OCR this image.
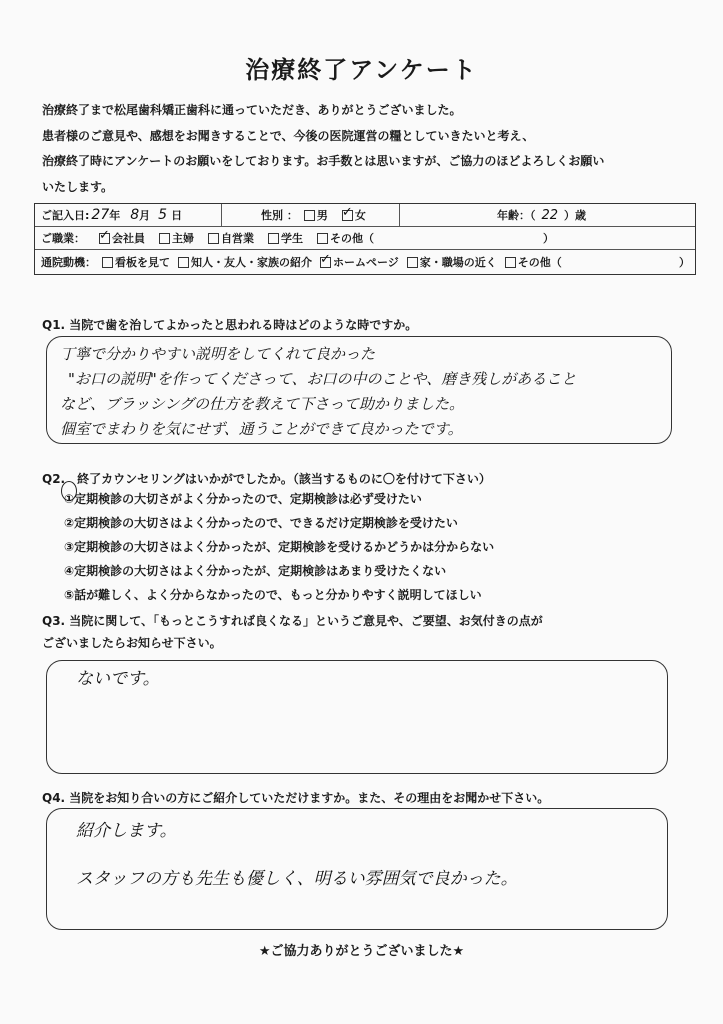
治療終了アンケート
治療終了まで松尾歯科矯正歯科に通っていただき、ありがとうございました。
患者様のご意見や、感想をお聞きすることで、今後の医院運営の糧としていきたいと考え、
治療終了時にアンケートのお願いをしております。お手数とは思いますが、ご協力のほどよろしくお願い
いたします。
ご記入日: 27 年 8 月 5 日	性別 ： 男 ✓ 女	年齢：（ 22 ）歳
ご職業： ✓ 会社員 主婦 自営業 学生 その他（	）
通院動機： 看板を見て 知人・友人・家族の紹介 ✓ ホームページ 家・職場の近く その他（	）
Q1. 当院で歯を治してよかったと思われる時はどのような時ですか。
丁寧で分かりやすい説明をしてくれて良かった
"お口の説明"を作ってくださって、お口の中のことや、磨き残しがあること
など、ブラッシングの仕方を教えて下さって助かりました。
個室でまわりを気にせず、通うことができて良かったです。
Q2.　終了カウンセリングはいかがでしたか。（該当するものに〇を付けて下さい）
①定期検診の大切さがよく分かったので、定期検診は必ず受けたい
②定期検診の大切さはよく分かったので、できるだけ定期検診を受けたい
③定期検診の大切さはよく分かったが、定期検診を受けるかどうかは分からない
④定期検診の大切さはよく分かったが、定期検診はあまり受けたくない
⑤話が難しく、よく分からなかったので、もっと分かりやすく説明してほしい
Q3. 当院に関して、「もっとこうすれば良くなる」というご意見や、ご要望、お気付きの点が
ございましたらお知らせ下さい。
ないです。
Q4. 当院をお知り合いの方にご紹介していただけますか。また、その理由をお聞かせ下さい。
紹介します。
スタッフの方も先生も優しく、明るい雰囲気で良かった。
★ご協力ありがとうございました★
